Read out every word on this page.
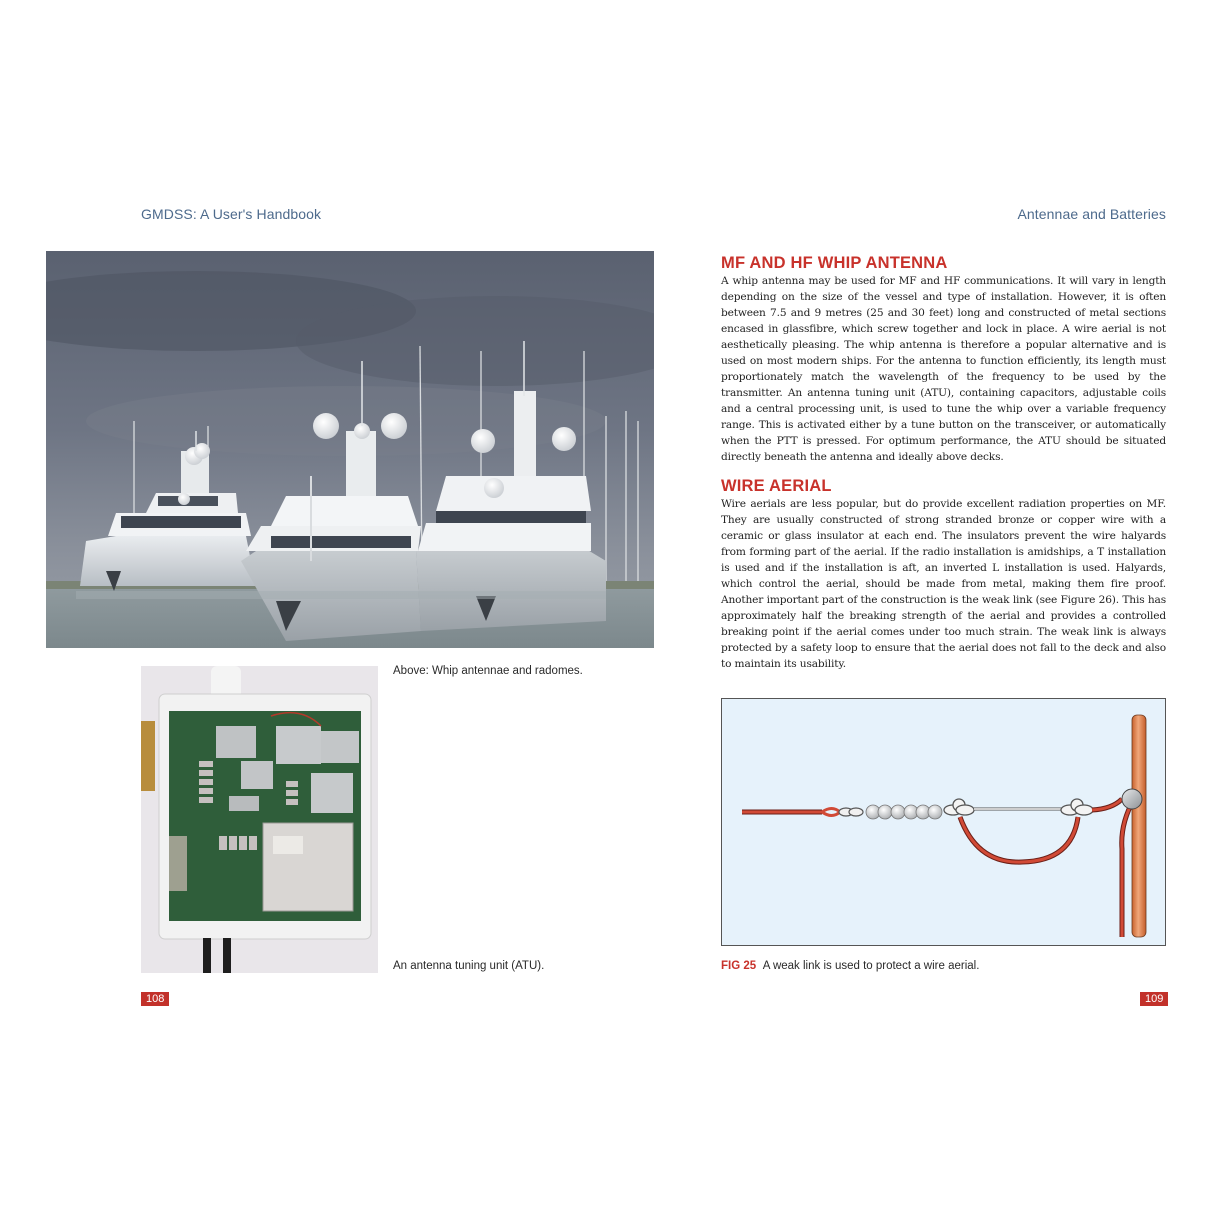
GMDSS: A User's Handbook	Antennae and Batteries
Above: Whip antennae and radomes.
An antenna tuning unit (ATU).
108	109
MF AND HF WHIP ANTENNA

A whip antenna may be used for MF and HF communications. It will vary in length depending on the size of the vessel and type of installation. However, it is often between 7.5 and 9 metres (25 and 30 feet) long and constructed of metal sections encased in glassfibre, which screw together and lock in place. A wire aerial is not aesthetically pleasing. The whip antenna is therefore a popular alternative and is used on most modern ships. For the antenna to function efficiently, its length must proportionately match the wavelength of the frequency to be used by the transmitter. An antenna tuning unit (ATU), containing capacitors, adjustable coils and a central processing unit, is used to tune the whip over a variable frequency range. This is activated either by a tune button on the transceiver, or automatically when the PTT is pressed. For optimum performance, the ATU should be situated directly beneath the antenna and ideally above decks.

WIRE AERIAL

Wire aerials are less popular, but do provide excellent radiation properties on MF. They are usually constructed of strong stranded bronze or copper wire with a ceramic or glass insulator at each end. The insulators prevent the wire halyards from forming part of the aerial. If the radio installation is amidships, a T installation is used and if the installation is aft, an inverted L installation is used. Halyards, which control the aerial, should be made from metal, making them fire proof. Another important part of the construction is the weak link (see Figure 26). This has approximately half the breaking strength of the aerial and provides a controlled breaking point if the aerial comes under too much strain. The weak link is always protected by a safety loop to ensure that the aerial does not fall to the deck and also to maintain its usability.

FIG 25 A weak link is used to protect a wire aerial.
